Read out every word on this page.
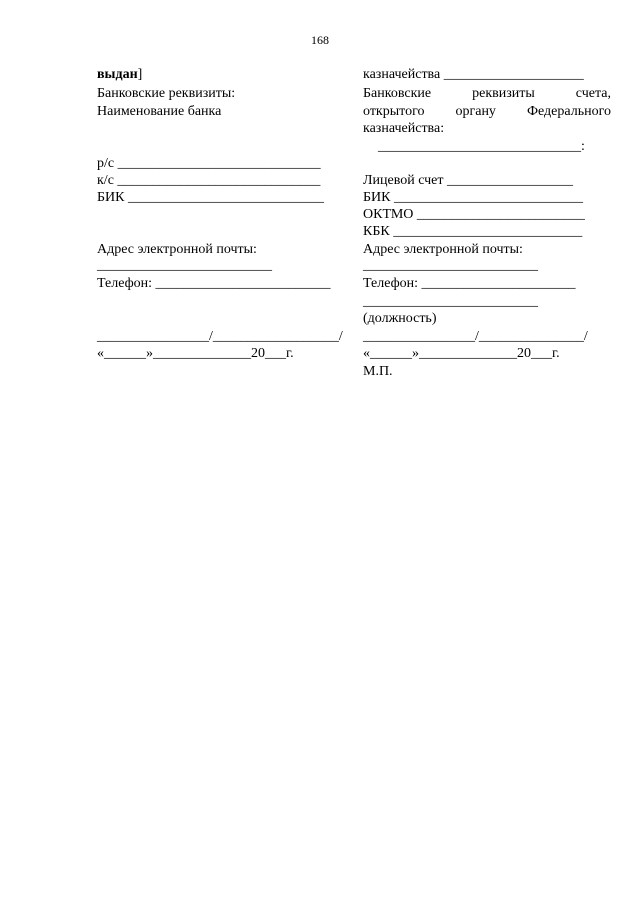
168
выдан]
Банковские реквизиты:
Наименование банка
р/с _____________________________
к/с _____________________________
БИК ____________________________
Адрес электронной почты:
_________________________
Телефон: _________________________
________________/__________________/
«______»______________20___г.
казначейства ____________________
Банковские	реквизиты	счета,
открытого органу Федерального
казначейства:
_____________________________:
Лицевой счет __________________
БИК ___________________________
ОКТМО ________________________
КБК ___________________________
Адрес электронной почты:
_________________________
Телефон: ______________________
_________________________
(должность)
________________/_______________/
«______»______________20___г.
М.П.
